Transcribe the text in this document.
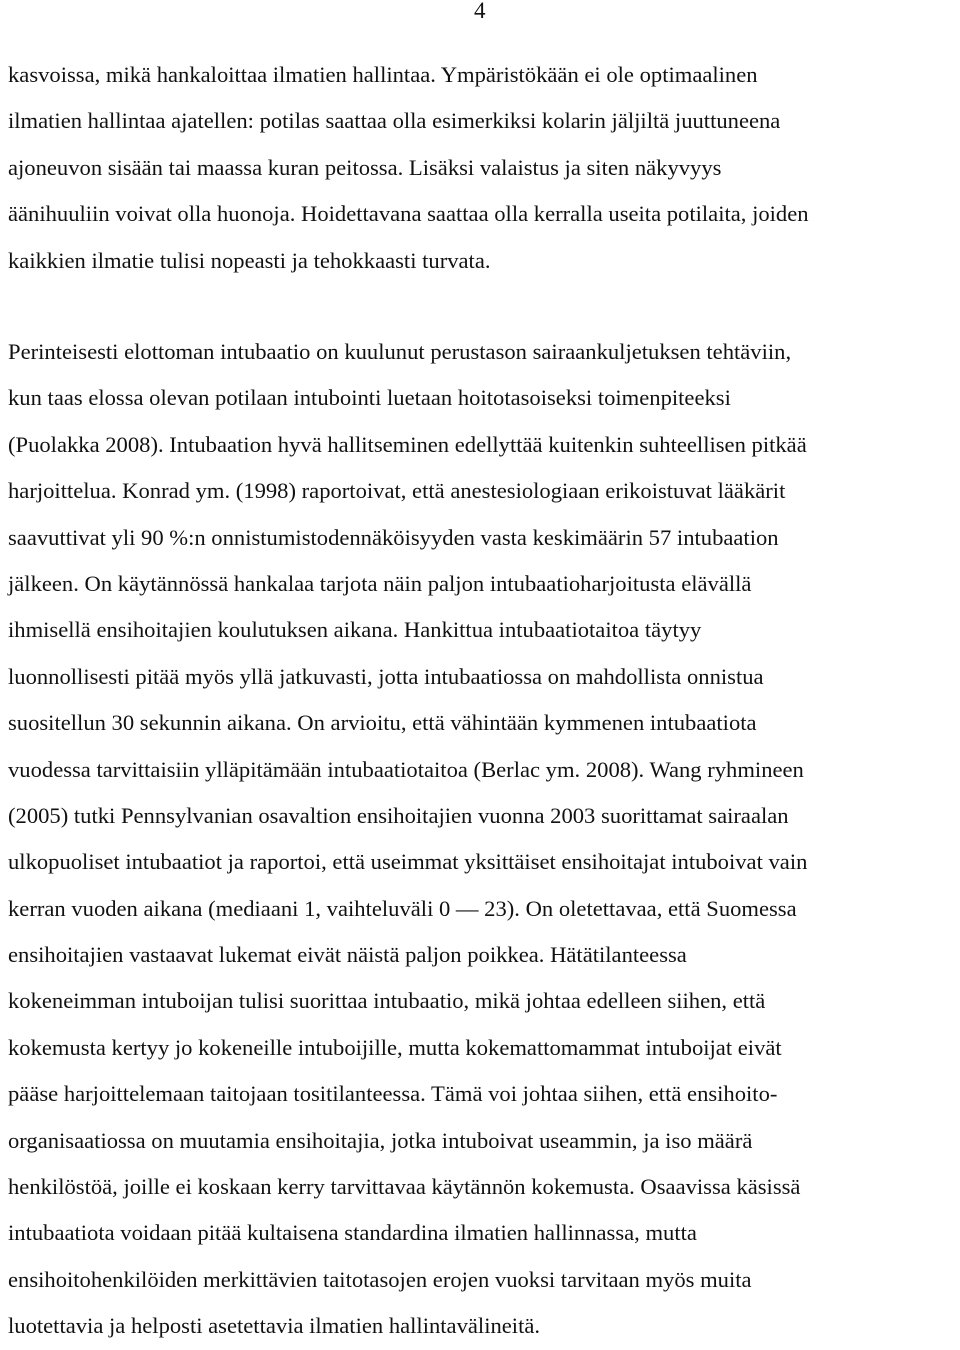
4

kasvoissa, mikä hankaloittaa ilmatien hallintaa. Ympäristökään ei ole optimaalinen
ilmatien hallintaa ajatellen: potilas saattaa olla esimerkiksi kolarin jäljiltä juuttuneena
ajoneuvon sisään tai maassa kuran peitossa. Lisäksi valaistus ja siten näkyvyys
äänihuuliin voivat olla huonoja. Hoidettavana saattaa olla kerralla useita potilaita, joiden
kaikkien ilmatie tulisi nopeasti ja tehokkaasti turvata.

Perinteisesti elottoman intubaatio on kuulunut perustason sairaankuljetuksen tehtäviin,
kun taas elossa olevan potilaan intubointi luetaan hoitotasoiseksi toimenpiteeksi
(Puolakka 2008). Intubaation hyvä hallitseminen edellyttää kuitenkin suhteellisen pitkää
harjoittelua. Konrad ym. (1998) raportoivat, että anestesiologiaan erikoistuvat lääkärit
saavuttivat yli 90 %:n onnistumistodennäköisyyden vasta keskimäärin 57 intubaation
jälkeen. On käytännössä hankalaa tarjota näin paljon intubaatioharjoitusta elävällä
ihmisellä ensihoitajien koulutuksen aikana. Hankittua intubaatiotaitoa täytyy
luonnollisesti pitää myös yllä jatkuvasti, jotta intubaatiossa on mahdollista onnistua
suositellun 30 sekunnin aikana. On arvioitu, että vähintään kymmenen intubaatiota
vuodessa tarvittaisiin ylläpitämään intubaatiotaitoa (Berlac ym. 2008). Wang ryhmineen
(2005) tutki Pennsylvanian osavaltion ensihoitajien vuonna 2003 suorittamat sairaalan
ulkopuoliset intubaatiot ja raportoi, että useimmat yksittäiset ensihoitajat intuboivat vain
kerran vuoden aikana (mediaani 1, vaihteluväli 0 — 23). On oletettavaa, että Suomessa
ensihoitajien vastaavat lukemat eivät näistä paljon poikkea. Hätätilanteessa
kokeneimman intuboijan tulisi suorittaa intubaatio, mikä johtaa edelleen siihen, että
kokemusta kertyy jo kokeneille intuboijille, mutta kokemattomammat intuboijat eivät
pääse harjoittelemaan taitojaan tositilanteessa. Tämä voi johtaa siihen, että ensihoito-
organisaatiossa on muutamia ensihoitajia, jotka intuboivat useammin, ja iso määrä
henkilöstöä, joille ei koskaan kerry tarvittavaa käytännön kokemusta. Osaavissa käsissä
intubaatiota voidaan pitää kultaisena standardina ilmatien hallinnassa, mutta
ensihoitohenkilöiden merkittävien taitotasojen erojen vuoksi tarvitaan myös muita
luotettavia ja helposti asetettavia ilmatien hallintavälineitä.
